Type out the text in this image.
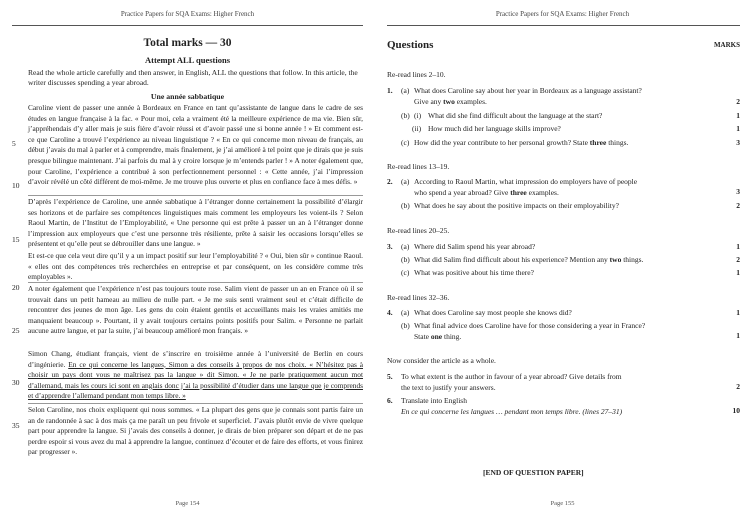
Practice Papers for SQA Exams: Higher French
Total marks — 30
Attempt ALL questions
Read the whole article carefully and then answer, in English, ALL the questions that follow. In this article, the writer discusses spending a year abroad.
Une année sabbatique

Caroline vient de passer une année à Bordeaux en France en tant qu’assistante de langue dans le cadre de ses études en langue française à la fac. « Pour moi, cela a vraiment été la meilleure expérience de ma vie. Bien sûr, j’appréhendais d’y aller mais je suis fière d’avoir réussi et d’avoir passé une si bonne année ! » Et comment est-ce que Caroline a trouvé l’expérience au niveau linguistique ? « En ce qui concerne mon niveau de français, au début j’avais du mal à parler et à comprendre, mais finalement, je j’ai amélioré à tel point que je dirais que je suis presque bilingue maintenant. J’ai parfois du mal à y croire lorsque je m’entends parler ! » A noter également que, pour Caroline, l’expérience a contribué à son perfectionnement personnel : « Cette année, j’ai l’impression d’avoir révélé un côté différent de moi-même. Je me trouve plus ouverte et plus en confiance face à mes défis. »

D’après l’expérience de Caroline, une année sabbatique à l’étranger donne certainement la possibilité d’élargir ses horizons et de parfaire ses compétences linguistiques mais comment les employeurs les voient-ils ? Selon Raoul Martin, de l’Institut de l’Employabilité, « Une personne qui est prête à passer un an à l’étranger donne l’impression aux employeurs que c’est une personne très résiliente, prête à saisir les occasions lorsqu’elles se présentent et qu’elle peut se débrouiller dans une langue. »

Et est-ce que cela veut dire qu’il y a un impact positif sur leur l’employabilité ? « Oui, bien sûr » continue Raoul. « elles ont des compétences très recherchées en entreprise et par conséquent, on les considère comme très employables ».

A noter également que l’expérience n’est pas toujours toute rose. Salim vient de passer un an en France où il se trouvait dans un petit hameau au milieu de nulle part. « Je me suis senti vraiment seul et c’était difficile de rencontrer des jeunes de mon âge. Les gens du coin étaient gentils et accueillants mais les vraies amitiés me manquaient beaucoup ». Pourtant, il y avait toujours certains points positifs pour Salim. « Personne ne parlait aucune autre langue, et par la suite, j’ai beaucoup amélioré mon français. »

Simon Chang, étudiant français, vient de s’inscrire en troisième année à l’université de Berlin en cours d’ingénierie. En ce qui concerne les langues, Simon a des conseils à propos de nos choix. « N’hésitez pas à choisir un pays dont vous ne maîtrisez pas la langue » dit Simon. « Je ne parle pratiquement aucun mot d’allemand, mais les cours ici sont en anglais donc j’ai la possibilité d’étudier dans une langue que je comprends et d’apprendre l’allemand pendant mon temps libre. »

Selon Caroline, nos choix expliquent qui nous sommes. « La plupart des gens que je connais sont partis faire un an de randonnée à sac à dos mais ça me paraît un peu frivole et superficiel. J’avais plutôt envie de vivre quelque part pour apprendre la langue. Si j’avais des conseils à donner, je dirais de bien préparer son départ et de ne pas perdre espoir si vous avez du mal à apprendre la langue, continuez d’écouter et de faire des efforts, et vous finirez par progresser ».

5
10
15
20
25
30
35
Page 154
Practice Papers for SQA Exams: Higher French
Questions	MARKS
Re-read lines 2–10.
1. (a) What does Caroline say about her year in Bordeaux as a language assistant?
Give any two examples.	2
(b) (i) What did she find difficult about the language at the start?	1
(ii) How much did her language skills improve?	1
(c) How did the year contribute to her personal growth? State three things.	3
Re-read lines 13–19.
2. (a) According to Raoul Martin, what impression do employers have of people
who spend a year abroad? Give three examples.	3
(b) What does he say about the positive impacts on their employability?	2
Re-read lines 20–25.
3. (a) Where did Salim spend his year abroad?	1
(b) What did Salim find difficult about his experience? Mention any two things.	2
(c) What was positive about his time there?	1
Re-read lines 32–36.
4. (a) What does Caroline say most people she knows did?	1
(b) What final advice does Caroline have for those considering a year in France?
State one thing.	1
Now consider the article as a whole.
5. To what extent is the author in favour of a year abroad? Give details from
the text to justify your answers.	2
6. Translate into English
En ce qui concerne les langues … pendant mon temps libre. (lines 27–31)	10
[END OF QUESTION PAPER]
Page 155
